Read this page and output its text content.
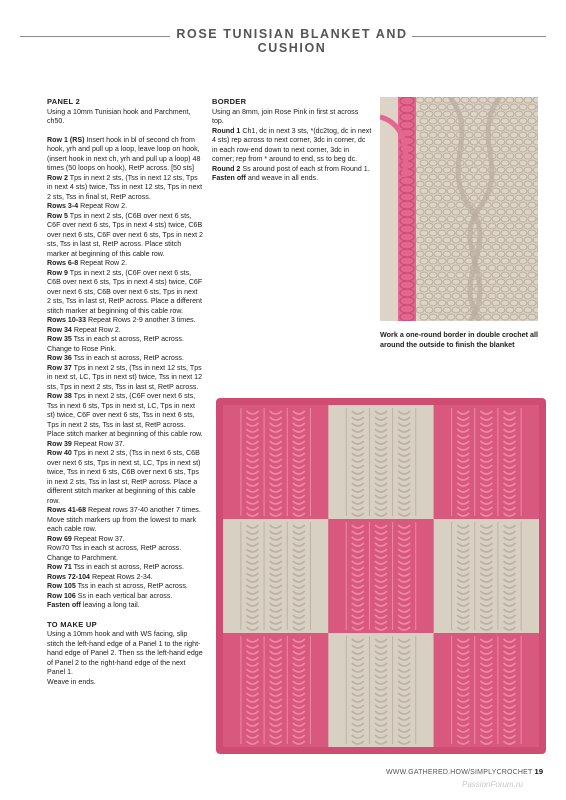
ROSE TUNISIAN BLANKET AND CUSHION
PANEL 2

Using a 10mm Tunisian hook and Parchment, ch50.

Row 1 (RS) Insert hook in bl of second ch from hook, yrh and pull up a loop, leave loop on hook, (insert hook in next ch, yrh and pull up a loop) 48 times (50 loops on hook), RetP across. [50 sts]

Row 2 Tps in next 2 sts, (Tss in next 12 sts, Tps in next 4 sts) twice, Tss in next 12 sts, Tps in next 2 sts, Tss in final st, RetP across.

Rows 3-4 Repeat Row 2.

Row 5 Tps in next 2 sts, (C6B over next 6 sts, C6F over next 6 sts, Tps in next 4 sts) twice, C6B over next 6 sts, C6F over next 6 sts, Tps in next 2 sts, Tss in last st, RetP across. Place stitch marker at beginning of this cable row.

Rows 6-8 Repeat Row 2.

Row 9 Tps in next 2 sts, (C6F over next 6 sts, C6B over next 6 sts, Tps in next 4 sts) twice, C6F over next 6 sts, C6B over next 6 sts, Tps in next 2 sts, Tss in last st, RetP across. Place a different stitch marker at beginning of this cable row.

Rows 10-33 Repeat Rows 2-9 another 3 times.

Row 34 Repeat Row 2.

Row 35 Tss in each st across, RetP across. Change to Rose Pink.

Row 36 Tss in each st across, RetP across.

Row 37 Tps in next 2 sts, (Tss in next 12 sts, Tps in next st, LC, Tps in next st) twice, Tss in next 12 sts, Tps in next 2 sts, Tss in last st, RetP across.

Row 38 Tps in next 2 sts, (C6F over next 6 sts, Tss in next 6 sts, Tps in next st, LC, Tps in next st) twice, C6F over next 6 sts, Tss in next 6 sts, Tps in next 2 sts, Tss in last st, RetP across. Place stitch marker at beginning of this cable row.

Row 39 Repeat Row 37.

Row 40 Tps in next 2 sts, (Tss in next 6 sts, C6B over next 6 sts, Tps in next st, LC, Tps in next st) twice, Tss in next 6 sts, C6B over next 6 sts, Tps in next 2 sts, Tss in last st, RetP across. Place a different stitch marker at beginning of this cable row.

Rows 41-68 Repeat rows 37-40 another 7 times. Move stitch markers up from the lowest to mark each cable row.

Row 69 Repeat Row 37.

Row70 Tss in each st across, RetP across. Change to Parchment.

Row 71 Tss in each st across, RetP across.

Rows 72-104 Repeat Rows 2-34.

Row 105 Tss in each st across, RetP across.

Row 106 Ss in each vertical bar across.

Fasten off leaving a long tail.

TO MAKE UP

Using a 10mm hook and with WS facing, slip stitch the left-hand edge of a Panel 1 to the right-hand edge of Panel 2. Then ss the left-hand edge of Panel 2 to the right-hand edge of the next Panel 1.

Weave in ends.

BORDER

Using an 8mm, join Rose Pink in first st across top.

Round 1 Ch1, dc in next 3 sts, *(dc2tog, dc in next 4 sts) rep across to next corner, 3dc in corner, dc in each row-end down to next corner, 3dc in corner; rep from * around to end, ss to beg dc.

Round 2 Ss around post of each st from Round 1.

Fasten off and weave in all ends.

Work a one-round border in double crochet all around the outside to finish the blanket
WWW.GATHERED.HOW/SIMPLYCROCHET 19
PassionForum.ru
